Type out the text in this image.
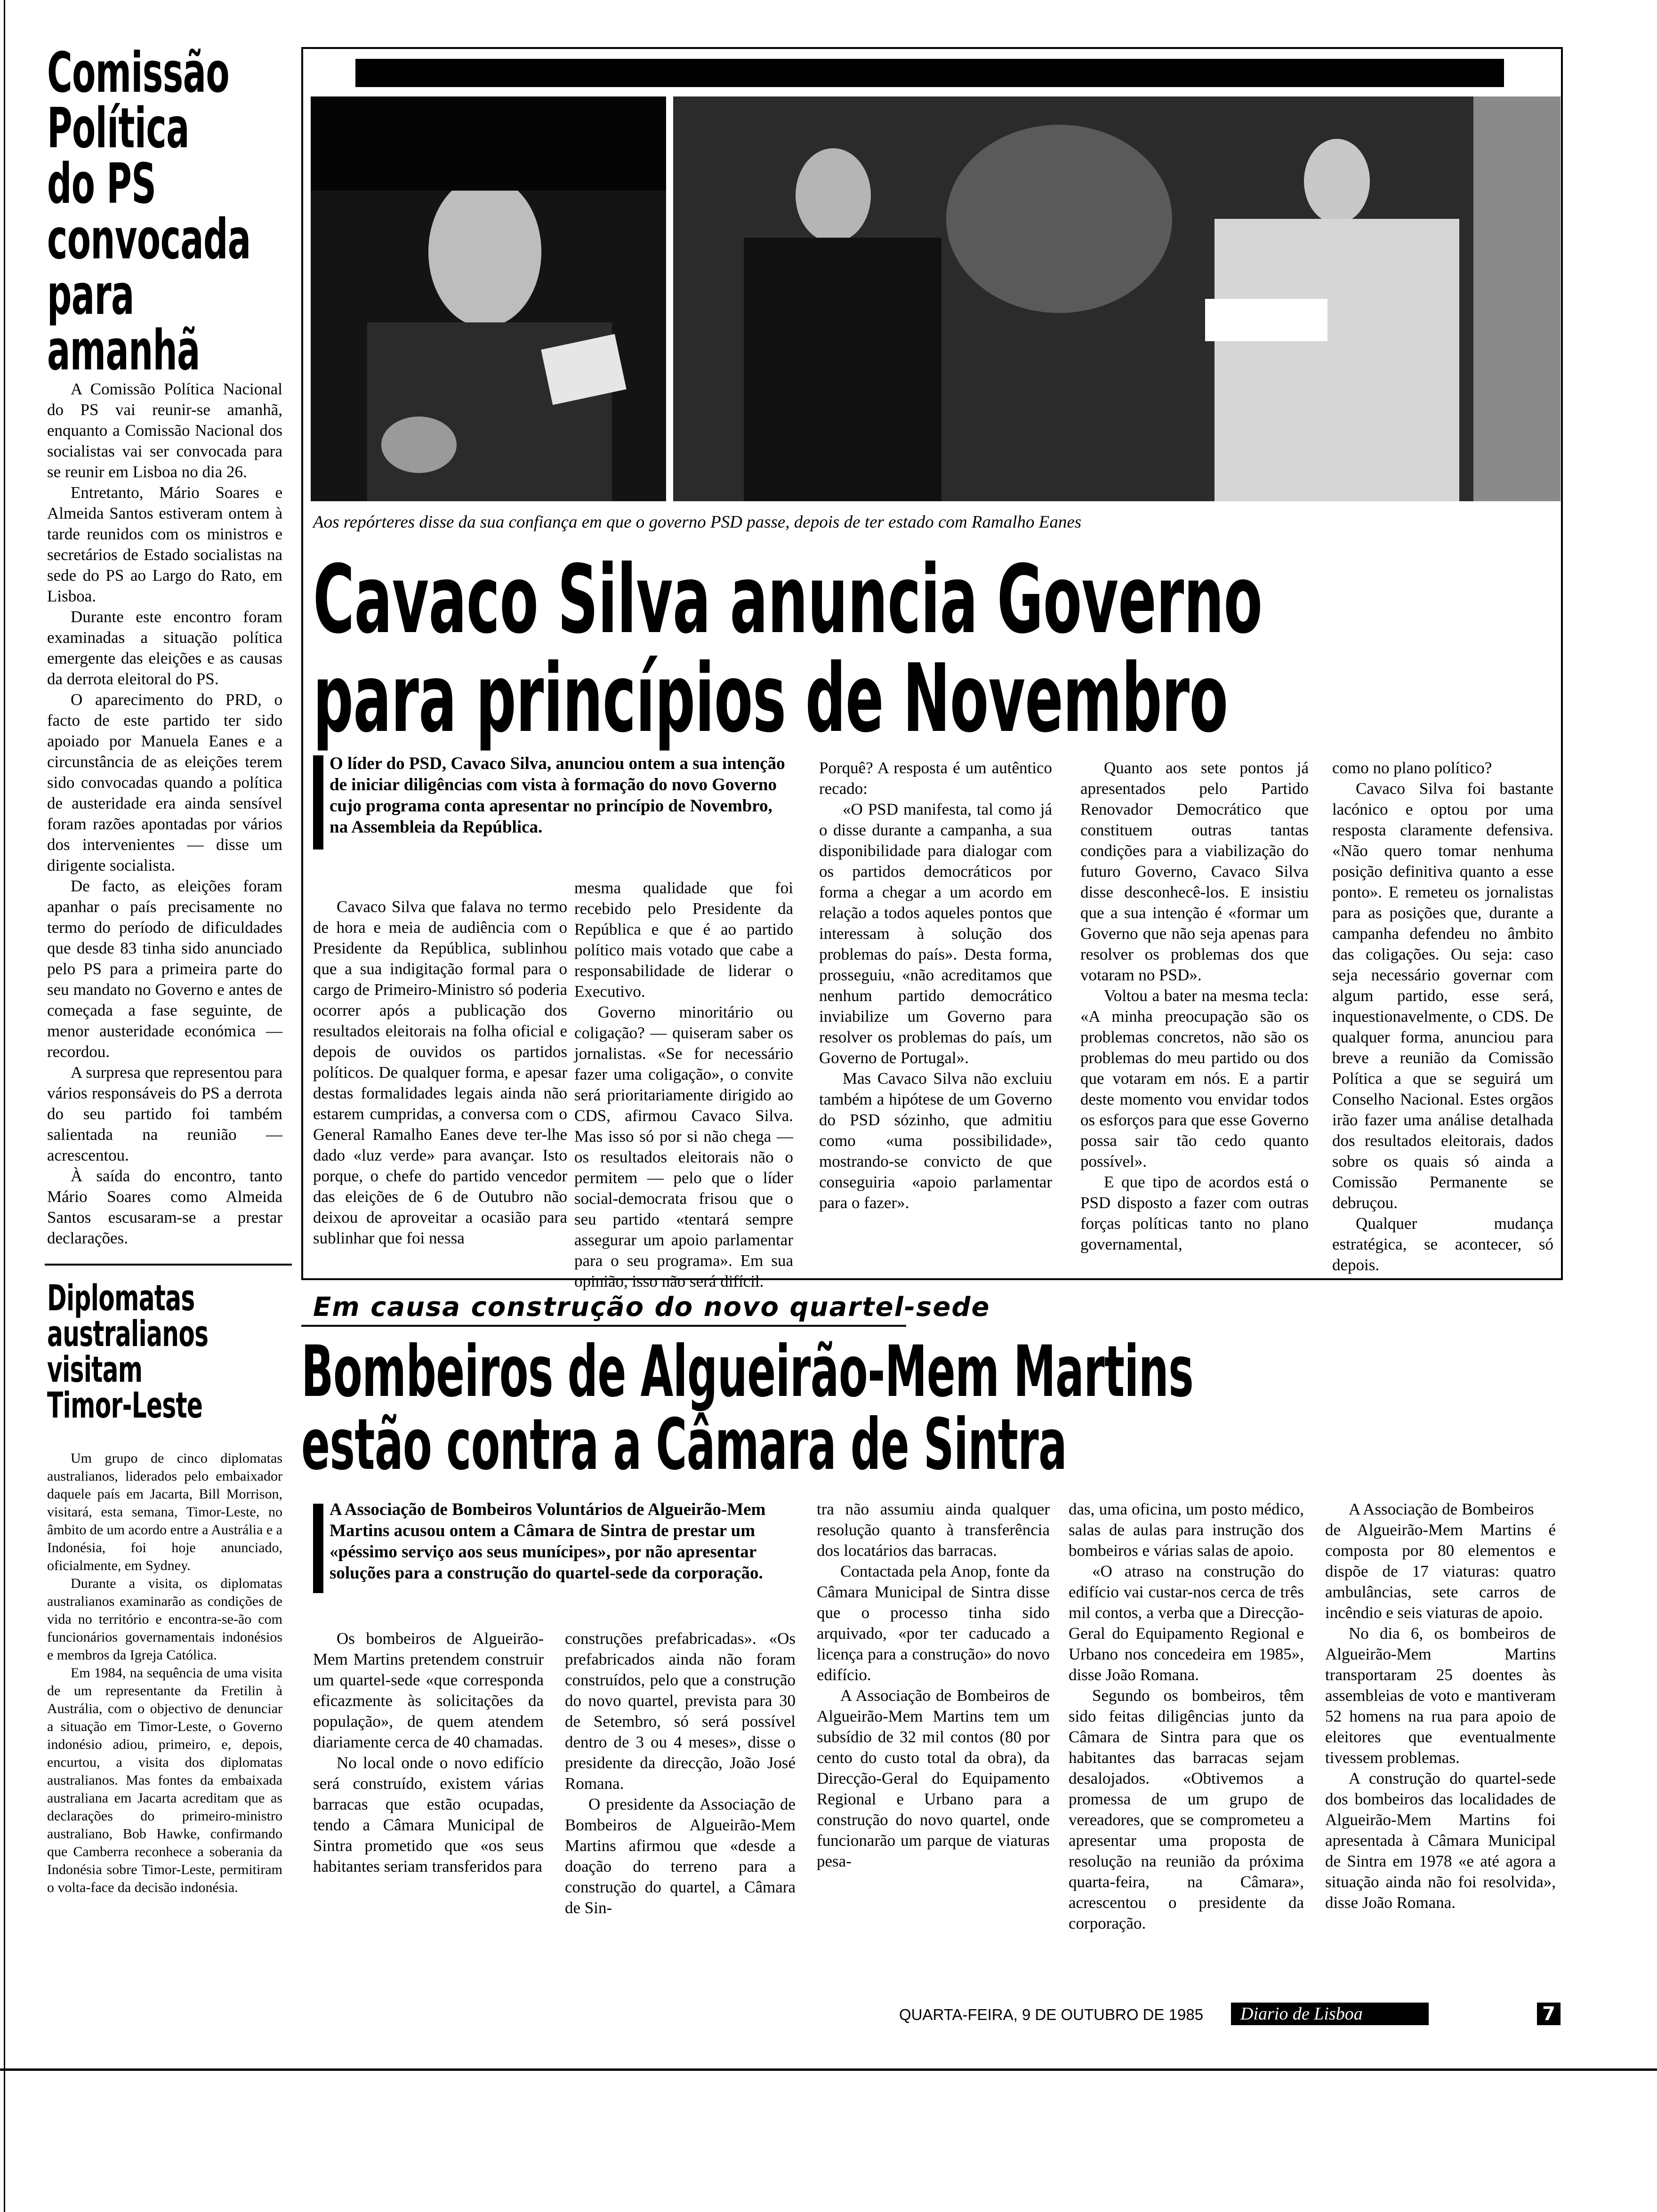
Comissão
Política
do PS
convocada
para
amanhã

A Comissão Política Nacional do PS vai reunir-se amanhã, enquanto a Comissão Nacional dos socialistas vai ser convocada para se reunir em Lisboa no dia 26.

Entretanto, Mário Soares e Almeida Santos estiveram ontem à tarde reunidos com os ministros e secretários de Estado socialistas na sede do PS ao Largo do Rato, em Lisboa.

Durante este encontro foram examinadas a situação política emergente das eleições e as causas da derrota eleitoral do PS.

O aparecimento do PRD, o facto de este partido ter sido apoiado por Manuela Eanes e a circunstância de as eleições terem sido convocadas quando a política de austeridade era ainda sensível foram razões apontadas por vários dos intervenientes — disse um dirigente socialista.

De facto, as eleições foram apanhar o país precisamente no termo do período de dificuldades que desde 83 tinha sido anunciado pelo PS para a primeira parte do seu mandato no Governo e antes de começada a fase seguinte, de menor austeridade económica — recordou.

A surpresa que representou para vários responsáveis do PS a derrota do seu partido foi também salientada na reunião — acrescentou.

À saída do encontro, tanto Mário Soares como Almeida Santos escusaram-se a prestar declarações.

Diplomatas
australianos
visitam
Timor-Leste

Um grupo de cinco diplomatas australianos, liderados pelo embaixador daquele país em Jacarta, Bill Morrison, visitará, esta semana, Timor-Leste, no âmbito de um acordo entre a Austrália e a Indonésia, foi hoje anunciado, oficialmente, em Sydney.

Durante a visita, os diplomatas australianos examinarão as condições de vida no território e encontra-se-ão com funcionários governamentais indonésios e membros da Igreja Católica.

Em 1984, na sequência de uma visita de um representante da Fretilin à Austrália, com o objectivo de denunciar a situação em Timor-Leste, o Governo indonésio adiou, primeiro, e, depois, encurtou, a visita dos diplomatas australianos. Mas fontes da embaixada australiana em Jacarta acreditam que as declarações do primeiro-ministro australiano, Bob Hawke, confirmando que Camberra reconhece a soberania da Indonésia sobre Timor-Leste, permitiram o volta-face da decisão indonésia.

Aos repórteres disse da sua confiança em que o governo PSD passe, depois de ter estado com Ramalho Eanes
Cavaco Silva anuncia Governo
para princípios de Novembro
O líder do PSD, Cavaco Silva, anunciou ontem a sua intenção de iniciar diligências com vista à formação do novo Governo cujo programa conta apresentar no princípio de Novembro, na Assembleia da República.

Cavaco Silva que falava no termo de hora e meia de audiência com o Presidente da República, sublinhou que a sua indigitação formal para o cargo de Primeiro-Ministro só poderia ocorrer após a publicação dos resultados eleitorais na folha oficial e depois de ouvidos os partidos políticos. De qualquer forma, e apesar destas formalidades legais ainda não estarem cumpridas, a conversa com o General Ramalho Eanes deve ter-lhe dado «luz verde» para avançar. Isto porque, o chefe do partido vencedor das eleições de 6 de Outubro não deixou de aproveitar a ocasião para sublinhar que foi nessa

mesma qualidade que foi recebido pelo Presidente da República e que é ao partido político mais votado que cabe a responsabilidade de liderar o Executivo.

Governo minoritário ou coligação? — quiseram saber os jornalistas. «Se for necessário fazer uma coligação», o convite será prioritariamente dirigido ao CDS, afirmou Cavaco Silva. Mas isso só por si não chega — os resultados eleitorais não o permitem — pelo que o líder social-democrata frisou que o seu partido «tentará sempre assegurar um apoio parlamentar para o seu programa». Em sua opinião, isso não será difícil.

Porquê? A resposta é um autêntico recado:

«O PSD manifesta, tal como já o disse durante a campanha, a sua disponibilidade para dialogar com os partidos democráticos por forma a chegar a um acordo em relação a todos aqueles pontos que interessam à solução dos problemas do país». Desta forma, prosseguiu, «não acreditamos que nenhum partido democrático inviabilize um Governo para resolver os problemas do país, um Governo de Portugal».

Mas Cavaco Silva não excluiu também a hipótese de um Governo do PSD sózinho, que admitiu como «uma possibilidade», mostrando-se convicto de que conseguiria «apoio parlamentar para o fazer».

Quanto aos sete pontos já apresentados pelo Partido Renovador Democrático que constituem outras tantas condições para a viabilização do futuro Governo, Cavaco Silva disse desconhecê-los. E insistiu que a sua intenção é «formar um Governo que não seja apenas para resolver os problemas dos que votaram no PSD».

Voltou a bater na mesma tecla: «A minha preocupação são os problemas concretos, não são os problemas do meu partido ou dos que votaram em nós. E a partir deste momento vou envidar todos os esforços para que esse Governo possa sair tão cedo quanto possível».

E que tipo de acordos está o PSD disposto a fazer com outras forças políticas tanto no plano governamental,

como no plano político?

Cavaco Silva foi bastante lacónico e optou por uma resposta claramente defensiva. «Não quero tomar nenhuma posição definitiva quanto a esse ponto». E remeteu os jornalistas para as posições que, durante a campanha defendeu no âmbito das coligações. Ou seja: caso seja necessário governar com algum partido, esse será, inquestionavelmente, o CDS. De qualquer forma, anunciou para breve a reunião da Comissão Política a que se seguirá um Conselho Nacional. Estes orgãos irão fazer uma análise detalhada dos resultados eleitorais, dados sobre os quais só ainda a Comissão Permanente se debruçou.

Qualquer mudança estratégica, se acontecer, só depois.

Em causa construção do novo quartel-sede
Bombeiros de Algueirão-Mem Martins
estão contra a Câmara de Sintra
A Associação de Bombeiros Voluntários de Algueirão-Mem Martins acusou ontem a Câmara de Sintra de prestar um «péssimo serviço aos seus munícipes», por não apresentar soluções para a construção do quartel-sede da corporação.

Os bombeiros de Algueirão-Mem Martins pretendem construir um quartel-sede «que corresponda eficazmente às solicitações da população», de quem atendem diariamente cerca de 40 chamadas.

No local onde o novo edifício será construído, existem várias barracas que estão ocupadas, tendo a Câmara Municipal de Sintra prometido que «os seus habitantes seriam transferidos para

construções prefabricadas». «Os prefabricados ainda não foram construídos, pelo que a construção do novo quartel, prevista para 30 de Setembro, só será possível dentro de 3 ou 4 meses», disse o presidente da direcção, João José Romana.

O presidente da Associação de Bombeiros de Algueirão-Mem Martins afirmou que «desde a doação do terreno para a construção do quartel, a Câmara de Sin-

tra não assumiu ainda qualquer resolução quanto à transferência dos locatários das barracas.

Contactada pela Anop, fonte da Câmara Municipal de Sintra disse que o processo tinha sido arquivado, «por ter caducado a licença para a construção» do novo edifício.

A Associação de Bombeiros de Algueirão-Mem Martins tem um subsídio de 32 mil contos (80 por cento do custo total da obra), da Direcção-Geral do Equipamento Regional e Urbano para a construção do novo quartel, onde funcionarão um parque de viaturas pesa-

das, uma oficina, um posto médico, salas de aulas para instrução dos bombeiros e várias salas de apoio.

«O atraso na construção do edifício vai custar-nos cerca de três mil contos, a verba que a Direcção-Geral do Equipamento Regional e Urbano nos concedeira em 1985», disse João Romana.

Segundo os bombeiros, têm sido feitas diligências junto da Câmara de Sintra para que os habitantes das barracas sejam desalojados. «Obtivemos a promessa de um grupo de vereadores, que se comprometeu a apresentar uma proposta de resolução na reunião da próxima quarta-feira, na Câmara», acrescentou o presidente da corporação.

A Associação de Bombeiros

de Algueirão-Mem Martins é composta por 80 elementos e dispõe de 17 viaturas: quatro ambulâncias, sete carros de incêndio e seis viaturas de apoio.

No dia 6, os bombeiros de Algueirão-Mem Martins transportaram 25 doentes às assembleias de voto e mantiveram 52 homens na rua para apoio de eleitores que eventualmente tivessem problemas.

A construção do quartel-sede dos bombeiros das localidades de Algueirão-Mem Martins foi apresentada à Câmara Municipal de Sintra em 1978 «e até agora a situação ainda não foi resolvida», disse João Romana.

QUARTA-FEIRA, 9 DE OUTUBRO DE 1985	Diario de Lisboa	7
